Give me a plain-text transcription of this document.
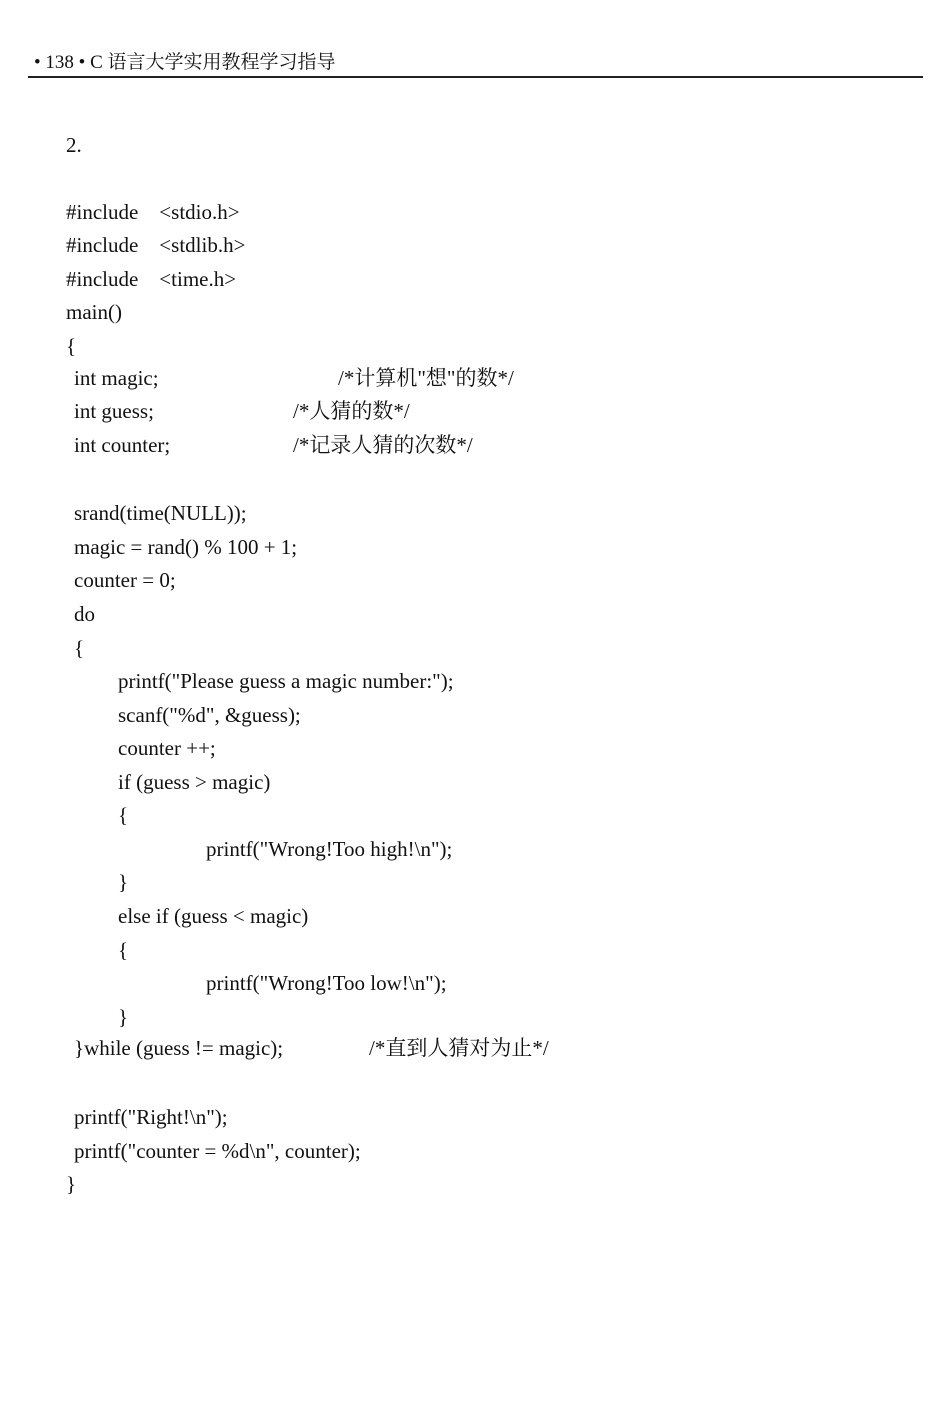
• 138 • C 语言大学实用教程学习指导
2.
#include    <stdio.h>
#include    <stdlib.h>
#include    <time.h>
main()
{
int magic;	/*计算机"想"的数*/
int guess;	/*人猜的数*/
int counter;	/*记录人猜的次数*/
srand(time(NULL));
magic = rand() % 100 + 1;
counter = 0;
do
{
printf("Please guess a magic number:");
scanf("%d", &guess);
counter ++;
if (guess > magic)
{
printf("Wrong!Too high!\n");
}
else if (guess < magic)
{
printf("Wrong!Too low!\n");
}
}while (guess != magic);	/*直到人猜对为止*/
printf("Right!\n");
printf("counter = %d\n", counter);
}
